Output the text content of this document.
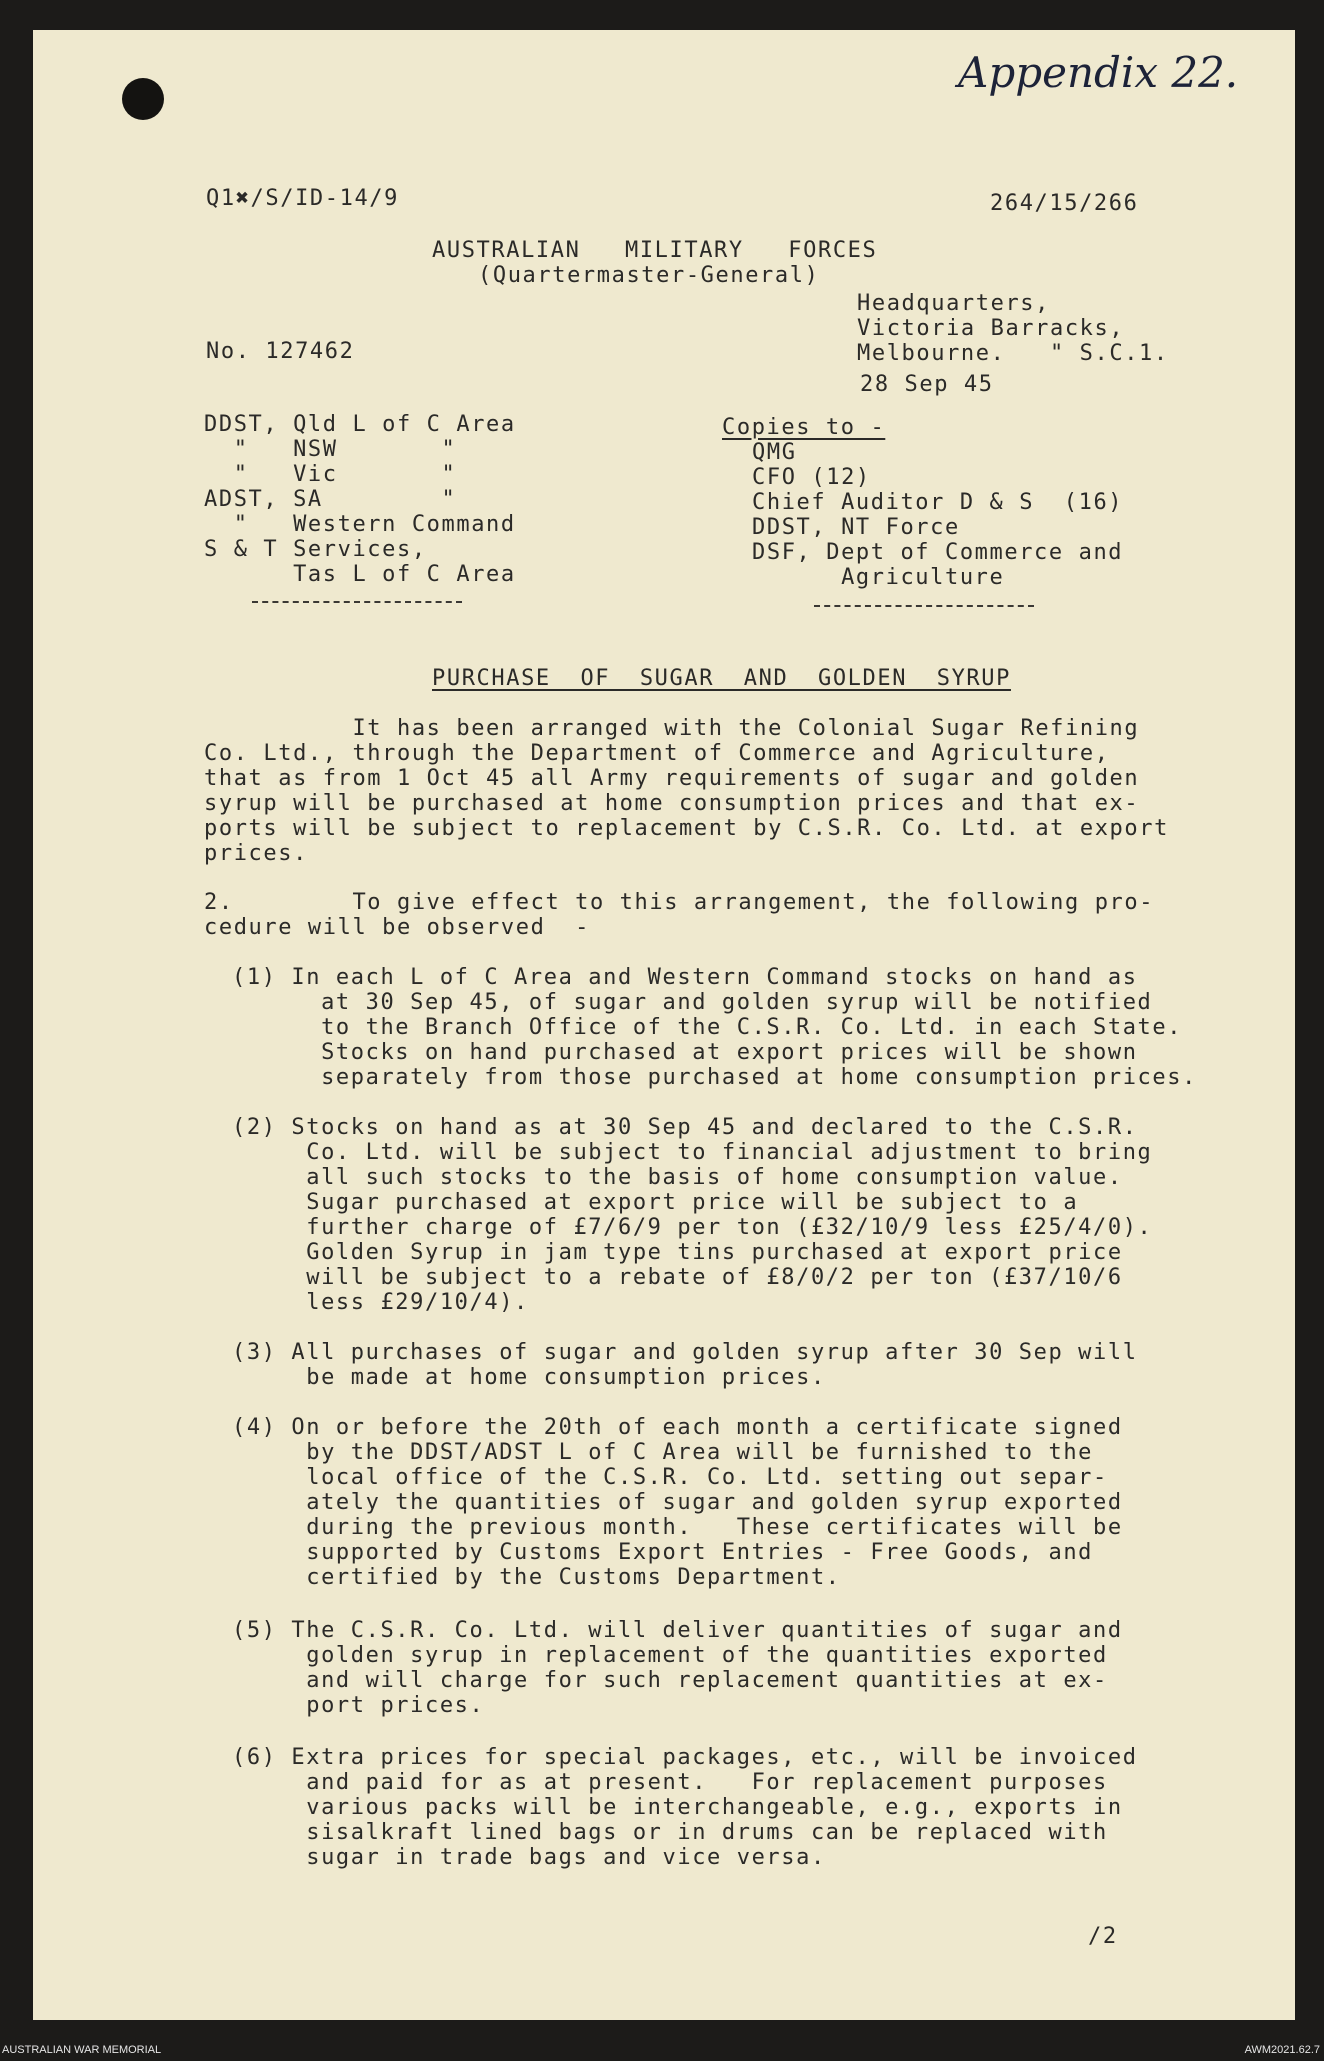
Appendix 22.

Q1✖/S/ID-14/9	264/15/266
AUSTRALIAN   MILITARY   FORCES
(Quartermaster-General)
No. 127462
Headquarters,
Victoria Barracks,
Melbourne.   " S.C.1.
28 Sep 45
DDST, Qld L of C Area
"   NSW       "
"   Vic       "
ADST, SA        "
"   Western Command
S & T Services,
Tas L of C Area
Copies to -
QMG
CFO (12)
Chief Auditor D & S  (16)
DDST, NT Force
DSF, Dept of Commerce and
Agriculture
PURCHASE  OF  SUGAR  AND  GOLDEN  SYRUP
It has been arranged with the Colonial Sugar Refining
Co. Ltd., through the Department of Commerce and Agriculture,
that as from 1 Oct 45 all Army requirements of sugar and golden
syrup will be purchased at home consumption prices and that ex-
ports will be subject to replacement by C.S.R. Co. Ltd. at export
prices.
2.        To give effect to this arrangement, the following pro-
cedure will be observed  -
(1) In each L of C Area and Western Command stocks on hand as
at 30 Sep 45, of sugar and golden syrup will be notified
to the Branch Office of the C.S.R. Co. Ltd. in each State.
Stocks on hand purchased at export prices will be shown
separately from those purchased at home consumption prices.
(2) Stocks on hand as at 30 Sep 45 and declared to the C.S.R.
Co. Ltd. will be subject to financial adjustment to bring
all such stocks to the basis of home consumption value.
Sugar purchased at export price will be subject to a
further charge of £7/6/9 per ton (£32/10/9 less £25/4/0).
Golden Syrup in jam type tins purchased at export price
will be subject to a rebate of £8/0/2 per ton (£37/10/6
less £29/10/4).
(3) All purchases of sugar and golden syrup after 30 Sep will
be made at home consumption prices.
(4) On or before the 20th of each month a certificate signed
by the DDST/ADST L of C Area will be furnished to the
local office of the C.S.R. Co. Ltd. setting out separ-
ately the quantities of sugar and golden syrup exported
during the previous month.   These certificates will be
supported by Customs Export Entries - Free Goods, and
certified by the Customs Department.
(5) The C.S.R. Co. Ltd. will deliver quantities of sugar and
golden syrup in replacement of the quantities exported
and will charge for such replacement quantities at ex-
port prices.
(6) Extra prices for special packages, etc., will be invoiced
and paid for as at present.   For replacement purposes
various packs will be interchangeable, e.g., exports in
sisalkraft lined bags or in drums can be replaced with
sugar in trade bags and vice versa.
/2

AUSTRALIAN WAR MEMORIAL	AWM2021.62.7
